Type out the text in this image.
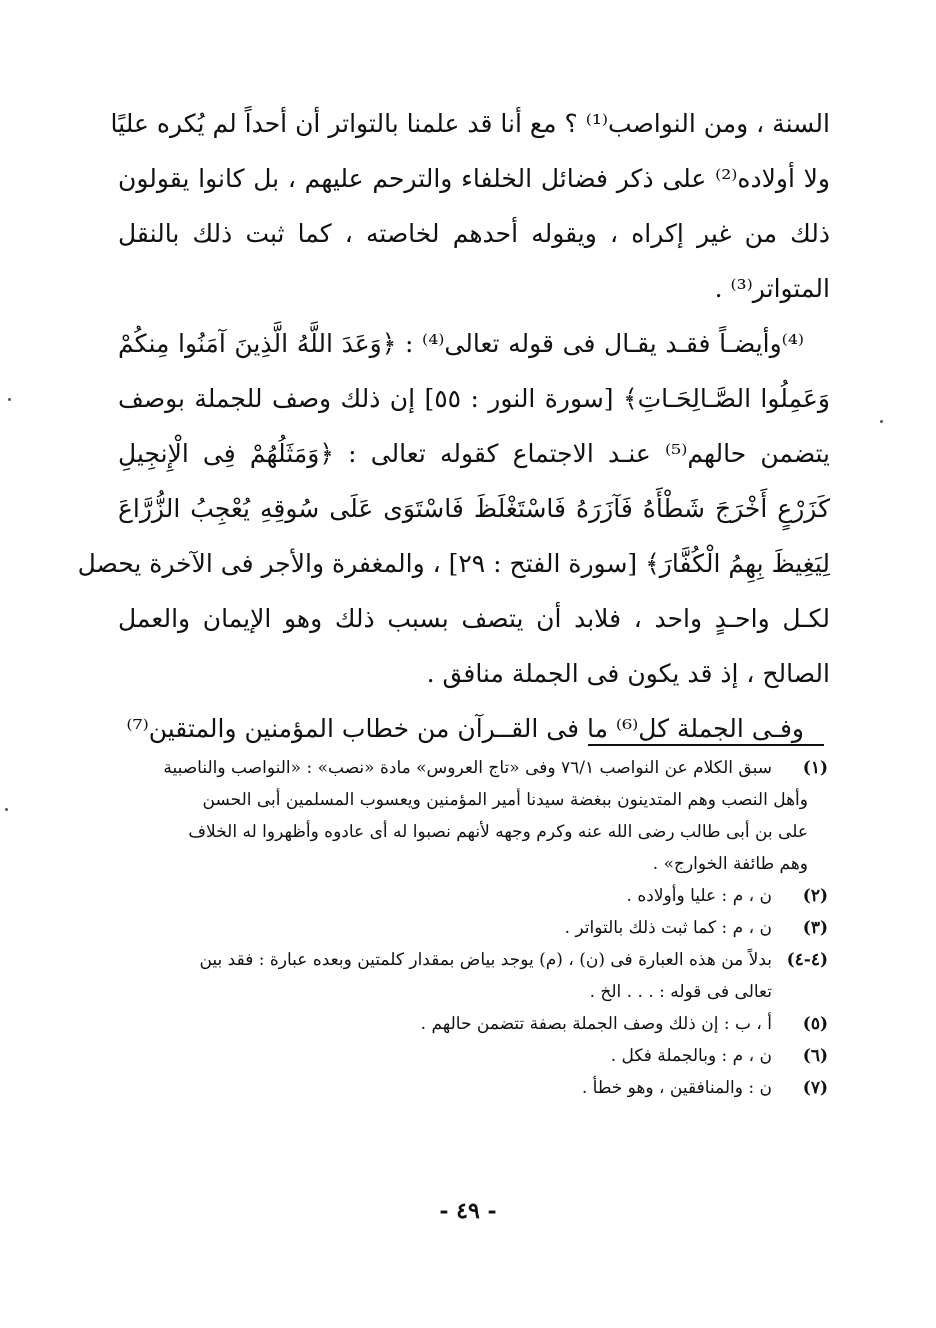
السنة ، ومن النواصب⁽¹⁾ ؟ مع أنا قد علمنا بالتواتر أن أحداً لم يُكره عليًا
ولا أولاده⁽²⁾ على ذكر فضائل الخلفاء والترحم عليهم ، بل كانوا يقولون
ذلك من غير إكراه ، ويقوله أحدهم لخاصته ، كما ثبت ذلك بالنقل
المتواتر⁽³⁾ .
⁽⁴⁾وأيضـاً فقـد يقـال فى قوله تعالى⁽⁴⁾ : ﴿وَعَدَ اللَّهُ الَّذِينَ آمَنُوا مِنكُمْ
وَعَمِلُوا الصَّـالِحَـاتِ﴾ [سورة النور : ٥٥] إن ذلك وصف للجملة بوصف
يتضمن حالهم⁽⁵⁾ عنـد الاجتماع كقوله تعالى : ﴿وَمَثَلُهُمْ فِى الْإِنجِيلِ
كَزَرْعٍ أَخْرَجَ شَطْأَهُ فَآزَرَهُ فَاسْتَغْلَظَ فَاسْتَوَى عَلَى سُوقِهِ يُعْجِبُ الزُّرَّاعَ
لِيَغِيظَ بِهِمُ الْكُفَّارَ﴾ [سورة الفتح : ٢٩] ، والمغفرة والأجر فى الآخرة يحصل
لكـل واحـدٍ واحد ، فلابد أن يتصف بسبب ذلك وهو الإيمان والعمل
الصالح ، إذ قد يكون فى الجملة منافق .
وفـى الجملة كل⁽⁶⁾ ما فى القــرآن من خطاب المؤمنين والمتقين⁽⁷⁾
(١)
سبق الكلام عن النواصب ٧٦/١ وفى «تاج العروس» مادة «نصب» : «النواصب والناصبية
وأهل النصب وهم المتدينون ببغضة سيدنا أمير المؤمنين ويعسوب المسلمين أبى الحسن
على بن أبى طالب رضى الله عنه وكرم وجهه لأنهم نصبوا له أى عادوه وأظهروا له الخلاف
وهم طائفة الخوارج» .
(٢)
ن ، م : عليا وأولاده .
(٣)
ن ، م : كما ثبت ذلك بالتواتر .
(٤-٤)
بدلاً من هذه العبارة فى (ن) ، (م) يوجد بياض بمقدار كلمتين وبعده عبارة : فقد بين
تعالى فى قوله : . . . الخ .
(٥)
أ ، ب : إن ذلك وصف الجملة بصفة تتضمن حالهم .
(٦)
ن ، م : وبالجملة فكل .
(٧)
ن : والمنافقين ، وهو خطأ .
- ٤٩ -
